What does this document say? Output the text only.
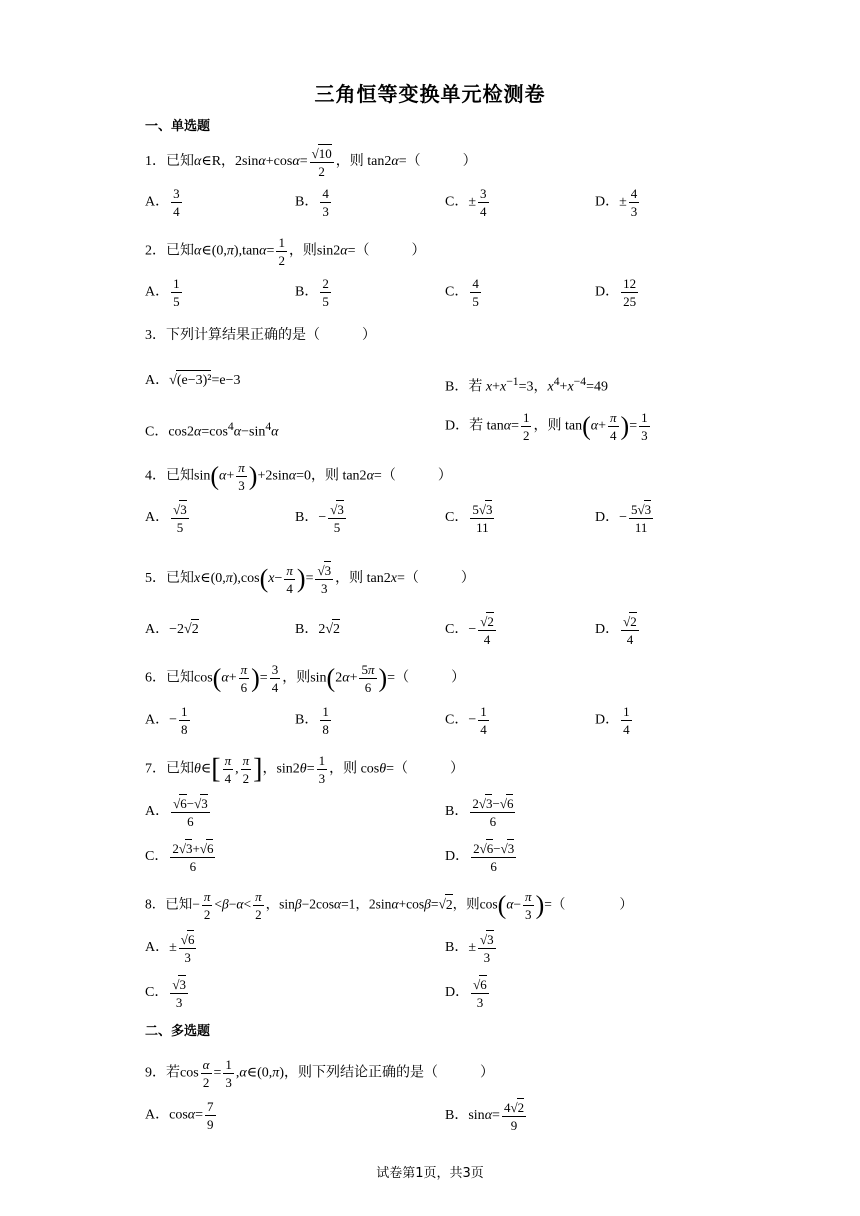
三角恒等变换单元检测卷
一、单选题
1．已知α∈R，$2\sin\alpha+\cos\alpha= \frac{√10}{2}$ ，则 tan2α=（　　　）
A． $\frac{3}{4}$	B． $\frac{4}{3}$	C．± $\frac{3}{4}$	D．± $\frac{4}{3}$
2．已知α∈(0,π),tanα= $\frac{1}{2}$ ，则sin2α=（　　　）
A． $\frac{1}{5}$	B． $\frac{2}{5}$	C． $\frac{4}{5}$	D． $\frac{12}{25}$
3．下列计算结果正确的是（　　　）
A．√(e−3)²=e−3	B．若 $x+x^{-1}=3$，$x^4+x^{-4}=49$
C．$\cos 2\alpha=\cos^4\alpha-\sin^4\alpha$	D．若 $\tan\alpha= \frac{1}{2}$ ，则 $\tan(\alpha+ \frac{\pi}{4}$ )= $\frac{1}{3}$
4．已知$\sin(\alpha+ \frac{\pi}{3} )+2\sin\alpha=0$，则 tan2α=（　　　）
A． $\frac{√3}{5}$	B．− $\frac{√3}{5}$	C． $\frac{5√3}{11}$	D．− $\frac{5√3}{11}$
5．已知x∈(0,π),cos(x− $\frac{\pi}{4}$ )= $\frac{√3}{3}$ ，则 tan2x=（　　　）
A．−2√2	B．2√2	C．− $\frac{√2}{4}$	D． $\frac{√2}{4}$
6．已知$\cos(\alpha+ \frac{\pi}{6}$ )= $\frac{3}{4}$ ，则$\sin(2\alpha+ \frac{5\pi}{6}$ )=（　　　）
A．− $\frac{1}{8}$	B． $\frac{1}{8}$	C．− $\frac{1}{4}$	D． $\frac{1}{4}$
7．已知θ∈[ $\frac{\pi}{4}$ , $\frac{\pi}{2}$ ]，$\sin 2\theta= \frac{1}{3}$ ，则 cosθ=（　　　）
A． $\frac{√6-√3}{6}$	B． $\frac{2√3-√6}{6}$
C． $\frac{2√3+√6}{6}$	D． $\frac{2√6-√3}{6}$
8．已知− $\frac{\pi}{2} <\beta-\alpha< \frac{\pi}{2}$ ，sinβ−2cosα=1，2sinα+cosβ=√2，则$\cos(\alpha- \frac{\pi}{3}$ )=（　　　　）
A．± $\frac{√6}{3}$	B．± $\frac{√3}{3}$
C． $\frac{√3}{3}$	D． $\frac{√6}{3}$
二、多选题
9．若$\cos \frac{\alpha}{2} = \frac{1}{3}$ ,α∈(0,π)，则下列结论正确的是（　　　）
A．$\cos\alpha= \frac{7}{9}$	B．$\sin\alpha= \frac{4√2}{9}$
试卷第1页，共3页
